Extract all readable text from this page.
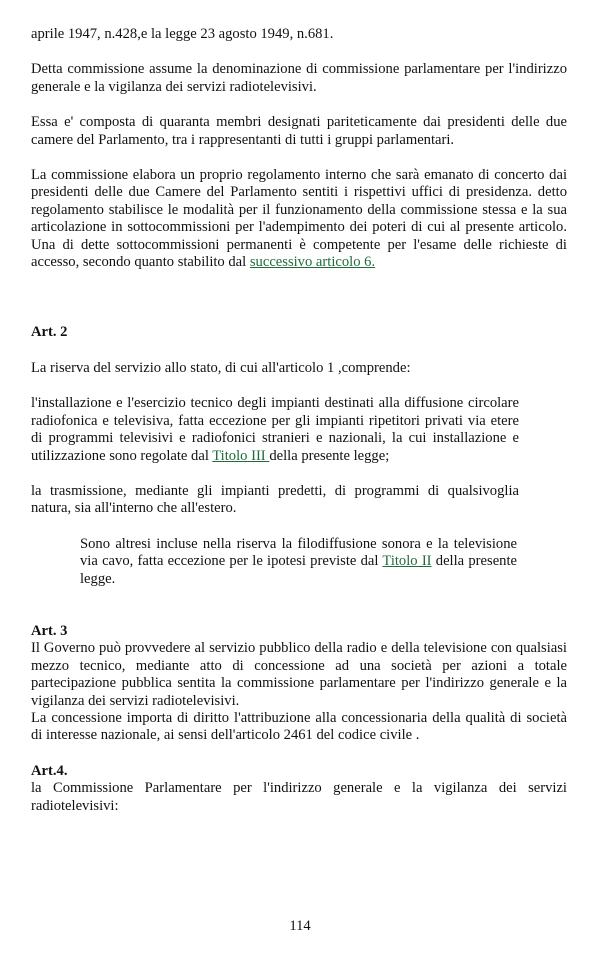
aprile 1947, n.428,e la legge 23 agosto 1949, n.681.

Detta commissione assume la denominazione di commissione parlamentare per l'indirizzo generale e la vigilanza dei servizi radiotelevisivi.

Essa e' composta di quaranta membri designati pariteticamente dai presidenti delle due camere del Parlamento, tra i rappresentanti di tutti i gruppi parlamentari.

La commissione elabora un proprio regolamento interno che sarà emanato di concerto dai presidenti delle due Camere del Parlamento sentiti i rispettivi uffici di presidenza. detto regolamento stabilisce le modalità per il funzionamento della commissione stessa e la sua articolazione in sottocommissioni per l'adempimento dei poteri di cui al presente articolo. Una di dette sottocommissioni permanenti è competente per l'esame delle richieste di accesso, secondo quanto stabilito dal successivo articolo 6.

Art. 2

La riserva del servizio allo stato, di cui all'articolo 1 ,comprende:

l'installazione e l'esercizio tecnico degli impianti destinati alla diffusione circolare radiofonica e televisiva, fatta eccezione per gli impianti ripetitori privati via etere di programmi televisivi e radiofonici stranieri e nazionali, la cui installazione e utilizzazione sono regolate dal Titolo III della presente legge;

la trasmissione, mediante gli impianti predetti, di programmi di qualsivoglia natura, sia all'interno che all'estero.

Sono altresi incluse nella riserva la filodiffusione sonora e la televisione via cavo, fatta eccezione per le ipotesi previste dal Titolo II della presente legge.

Art. 3

Il Governo può provvedere al servizio pubblico della radio e della televisione con qualsiasi mezzo tecnico, mediante atto di concessione ad una società per azioni a totale partecipazione pubblica sentita la commissione parlamentare per l'indirizzo generale e la vigilanza dei servizi radiotelevisivi.

La concessione importa di diritto l'attribuzione alla concessionaria della qualità di società di interesse nazionale, ai sensi dell'articolo 2461 del codice civile .

Art.4.

la Commissione Parlamentare per l'indirizzo generale e la vigilanza dei servizi radiotelevisivi:

114
